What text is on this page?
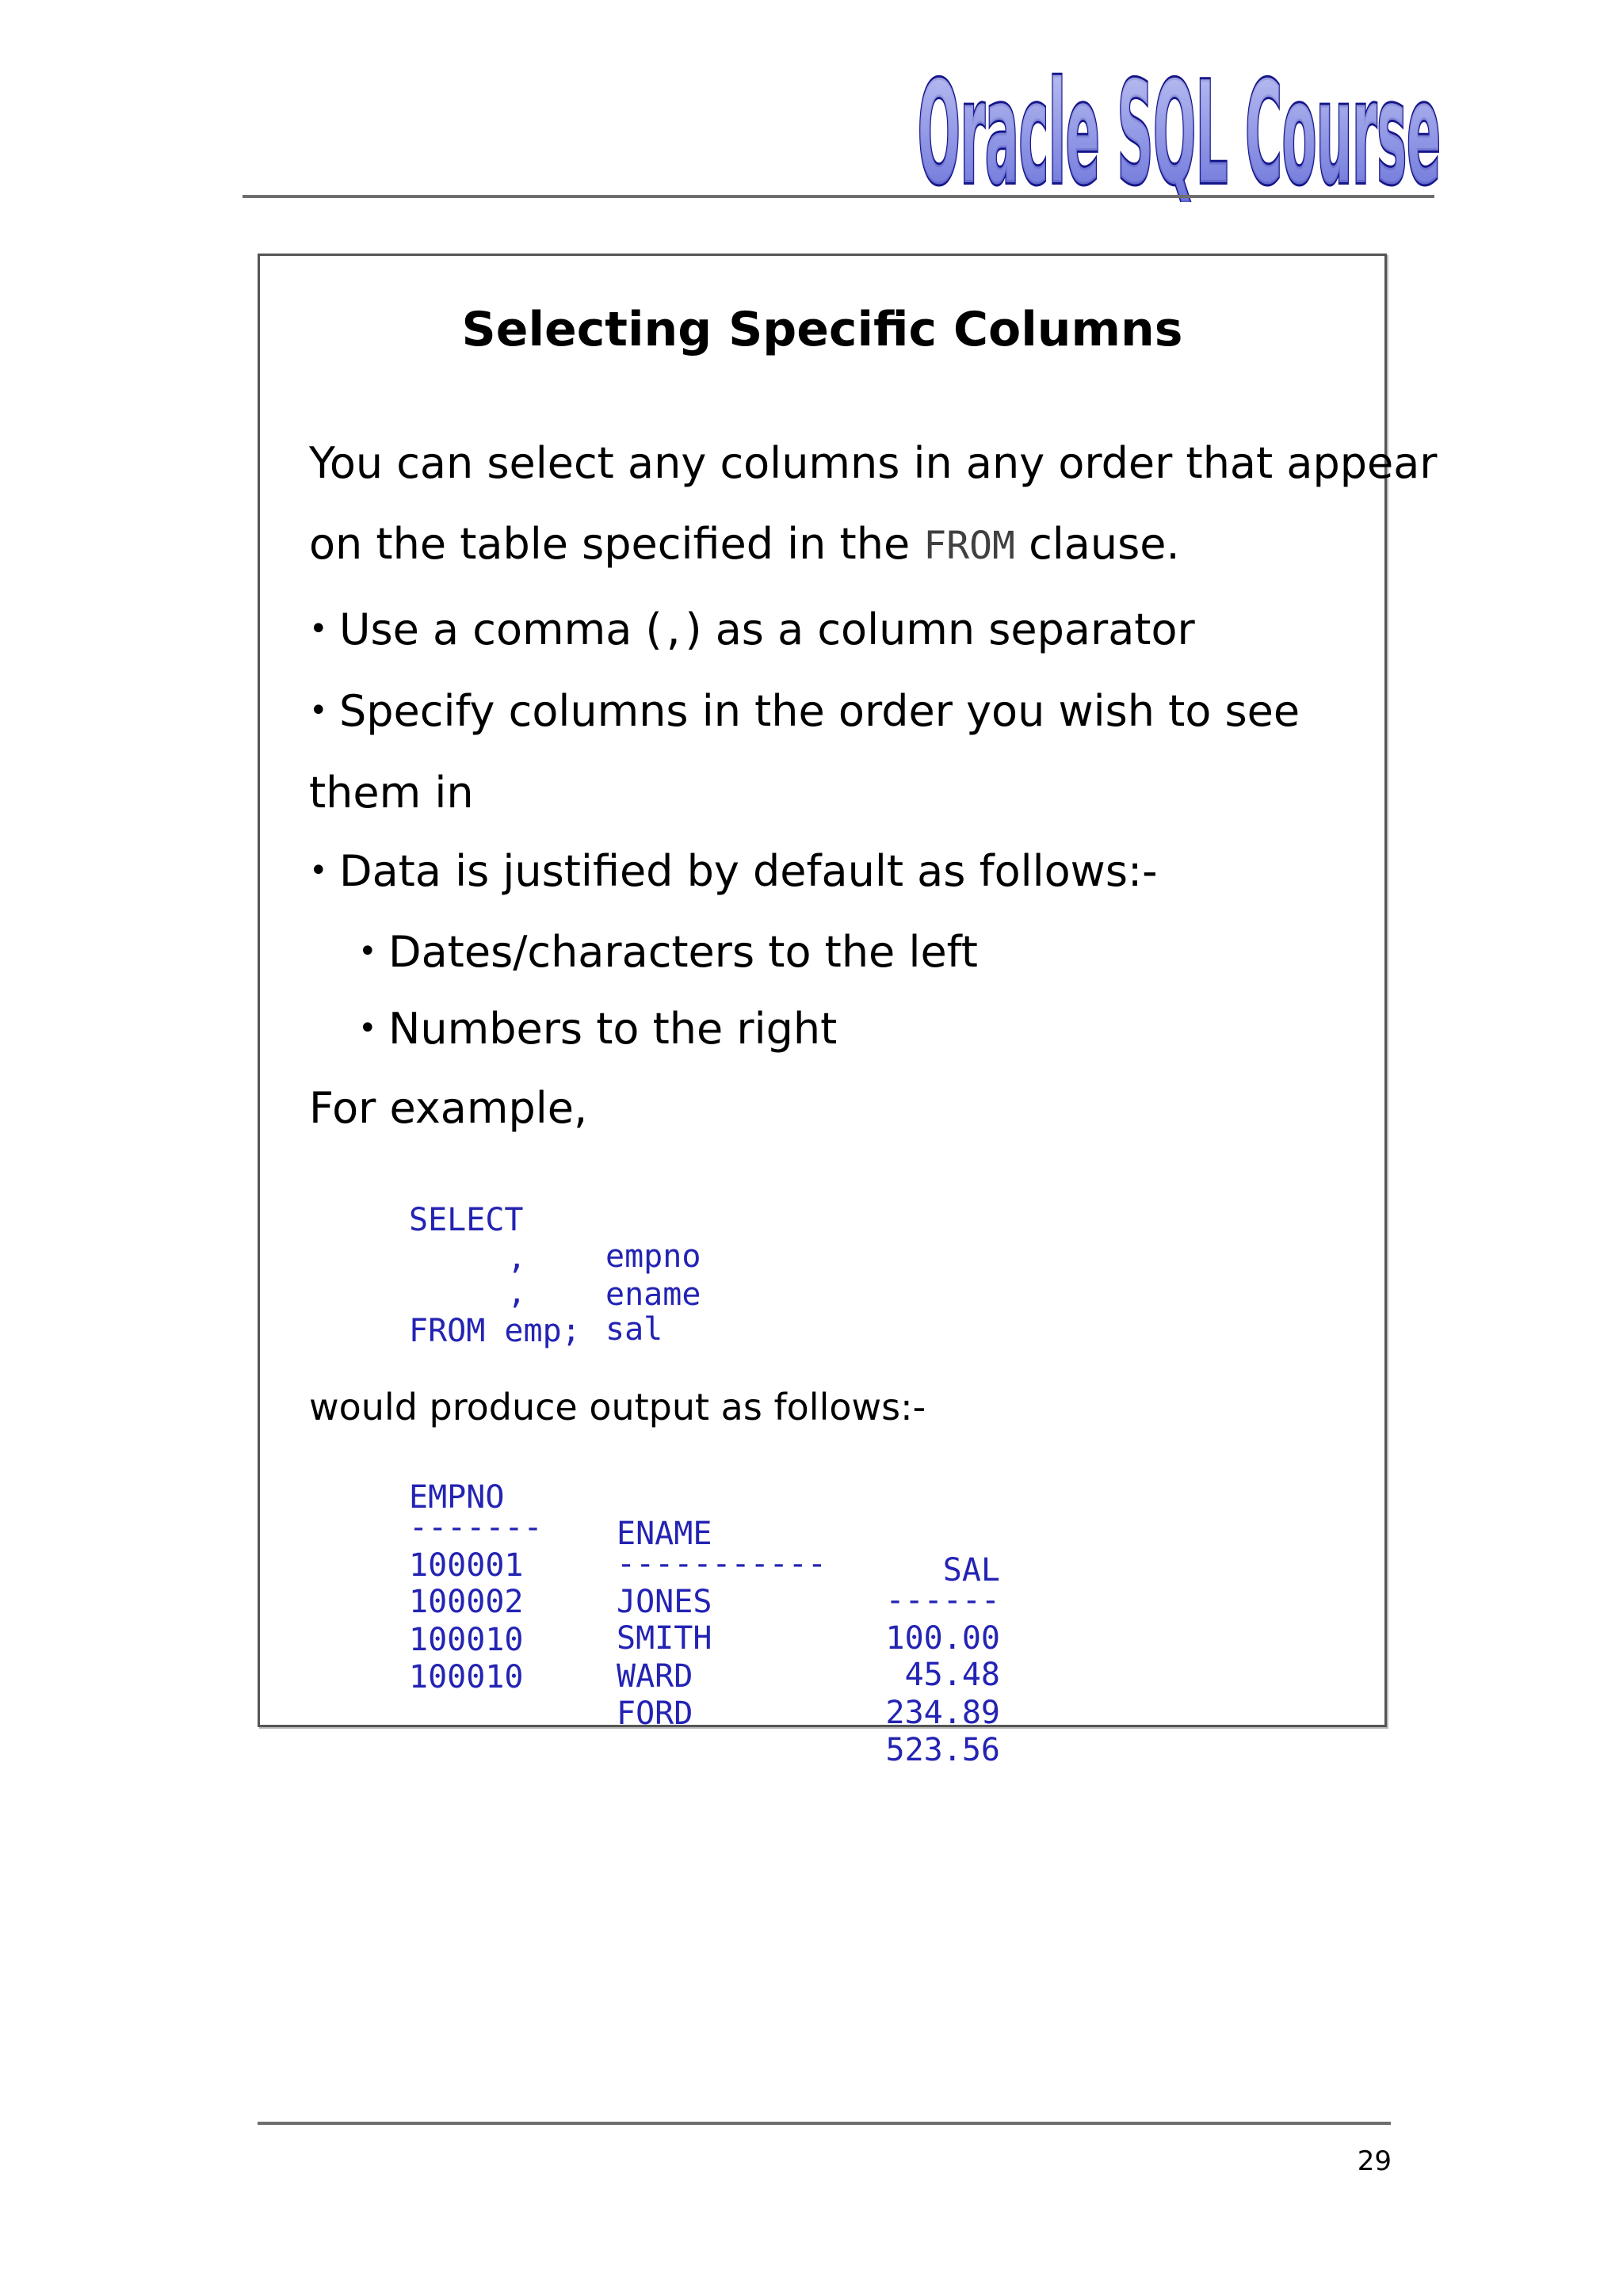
Oracle SQL Course
Oracle SQL Course
Selecting Specific Columns

You can select any columns in any order that appear

on the table specified in the FROM clause.

• Use a comma (,) as a column separator

• Specify columns in the order you wish to see

them in

• Data is justified by default as follows:-

• Dates/characters to the left

• Numbers to the right

For example,

SELECT

empno

,

ename

,

sal

FROM emp;

would produce output as follows:-

EMPNO

ENAME

SAL

-------

-----------

------

100001

JONES

100.00

100002

SMITH

45.48

100010

WARD

234.89

100010

FORD

523.56

29
